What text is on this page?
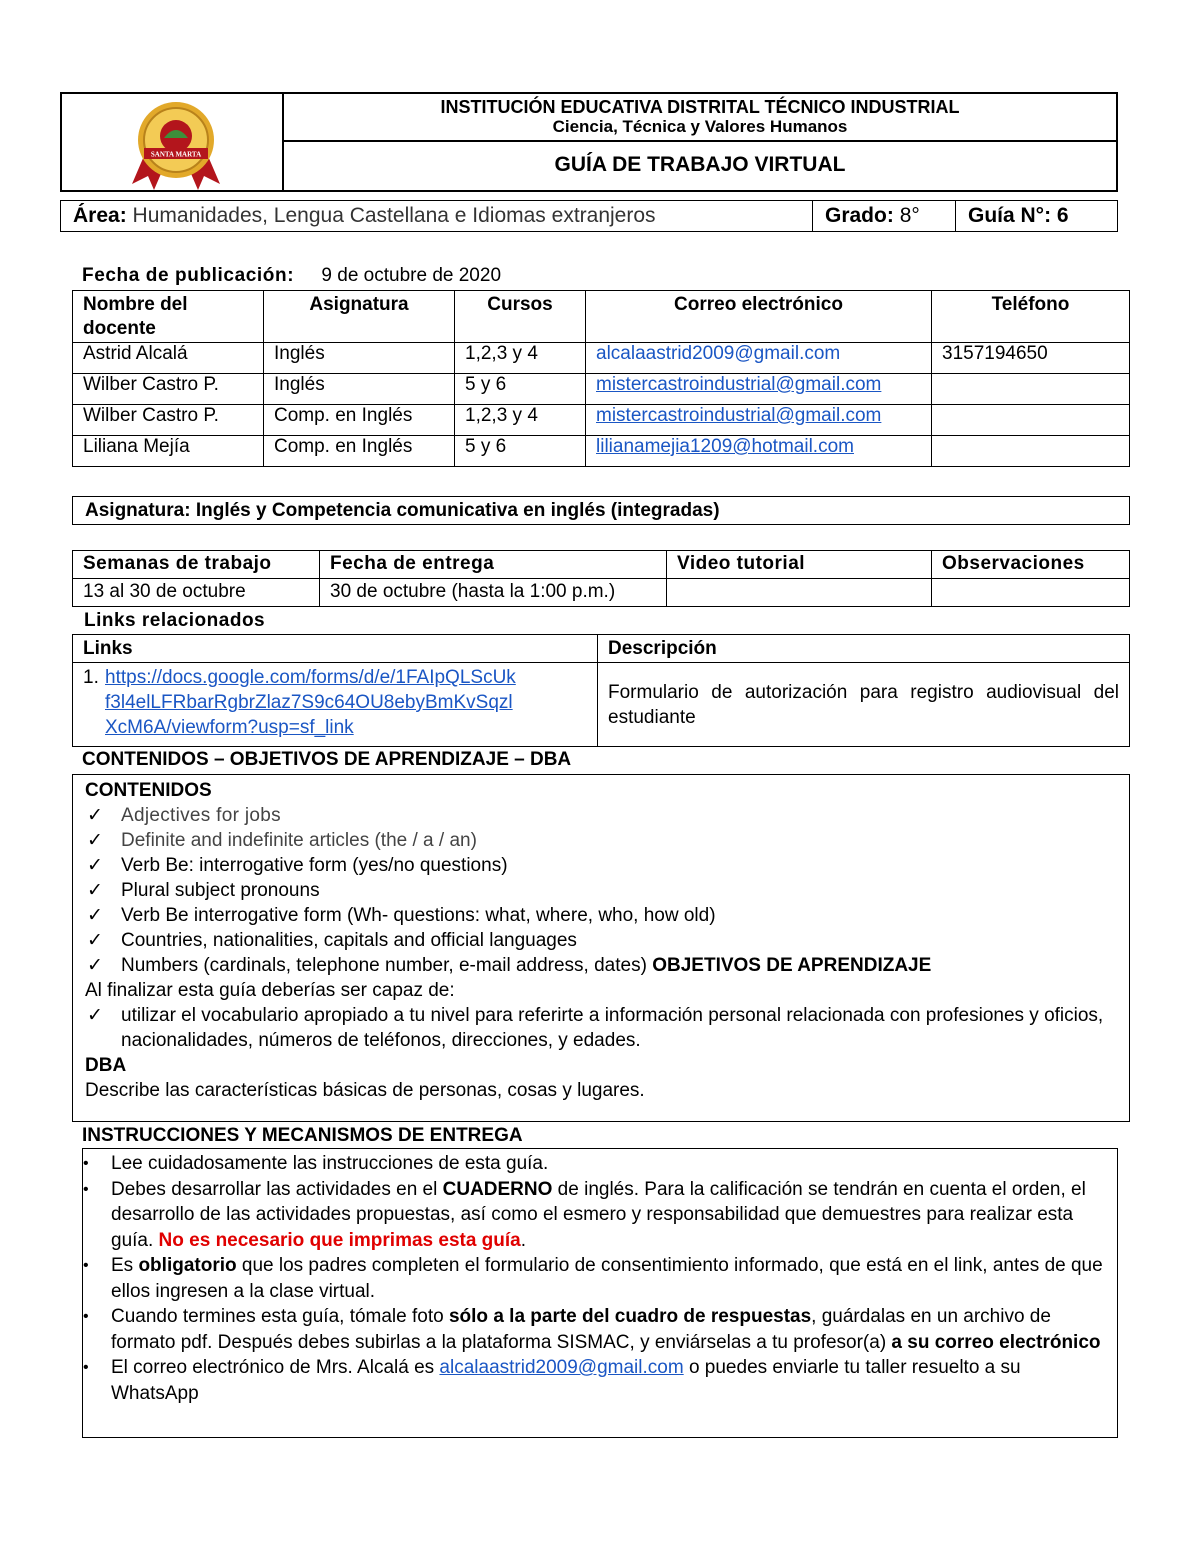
SANTA MARTA
INSTITUCIÓN EDUCATIVA DISTRITAL TÉCNICO INDUSTRIAL
Ciencia, Técnica y Valores Humanos
GUÍA DE TRABAJO VIRTUAL
Área: Humanidades, Lengua Castellana e Idiomas extranjeros	Grado: 8°	Guía N°: 6
Fecha de publicación: 9 de octubre de 2020
Nombre del docente	Asignatura	Cursos	Correo electrónico	Teléfono
Astrid Alcalá	Inglés	1,2,3 y 4	alcalaastrid2009@gmail.com	3157194650
Wilber Castro P.	Inglés	5 y 6	mistercastroindustrial@gmail.com	
Wilber Castro P.	Comp. en Inglés	1,2,3 y 4	mistercastroindustrial@gmail.com	
Liliana Mejía	Comp. en Inglés	5 y 6	lilianamejia1209@hotmail.com	
Asignatura: Inglés y Competencia comunicativa en inglés (integradas)
Semanas de trabajo	Fecha de entrega	Video tutorial	Observaciones
13 al 30 de octubre	30 de octubre (hasta la 1:00 p.m.)		
Links relacionados
Links	Descripción

1. https://docs.google.com/forms/d/e/1FAIpQLScUk
f3l4elLFRbarRgbrZlaz7S9c64OU8ebyBmKvSqzl
XcM6A/viewform?usp=sf_link	Formulario de autorización para registro audiovisual del estudiante
CONTENIDOS – OBJETIVOS DE APRENDIZAJE – DBA
CONTENIDOS
✓ Adjectives for jobs
✓ Definite and indefinite articles (the / a / an)
✓ Verb Be: interrogative form (yes/no questions)
✓ Plural subject pronouns
✓ Verb Be interrogative form (Wh- questions: what, where, who, how old)
✓ Countries, nationalities, capitals and official languages
✓ Numbers (cardinals, telephone number, e-mail address, dates) OBJETIVOS DE APRENDIZAJE
Al finalizar esta guía deberías ser capaz de:
✓ utilizar el vocabulario apropiado a tu nivel para referirte a información personal relacionada con profesiones y oficios, nacionalidades, números de teléfonos, direcciones, y edades.
DBA
Describe las características básicas de personas, cosas y lugares.
INSTRUCCIONES Y MECANISMOS DE ENTREGA
• Lee cuidadosamente las instrucciones de esta guía.
• Debes desarrollar las actividades en el CUADERNO de inglés. Para la calificación se tendrán en cuenta el orden, el desarrollo de las actividades propuestas, así como el esmero y responsabilidad que demuestres para realizar esta guía. No es necesario que imprimas esta guía.
• Es obligatorio que los padres completen el formulario de consentimiento informado, que está en el link, antes de que ellos ingresen a la clase virtual.
• Cuando termines esta guía, tómale foto sólo a la parte del cuadro de respuestas, guárdalas en un archivo de formato pdf. Después debes subirlas a la plataforma SISMAC, y enviárselas a tu profesor(a) a su correo electrónico
• El correo electrónico de Mrs. Alcalá es alcalaastrid2009@gmail.com o puedes enviarle tu taller resuelto a su WhatsApp
